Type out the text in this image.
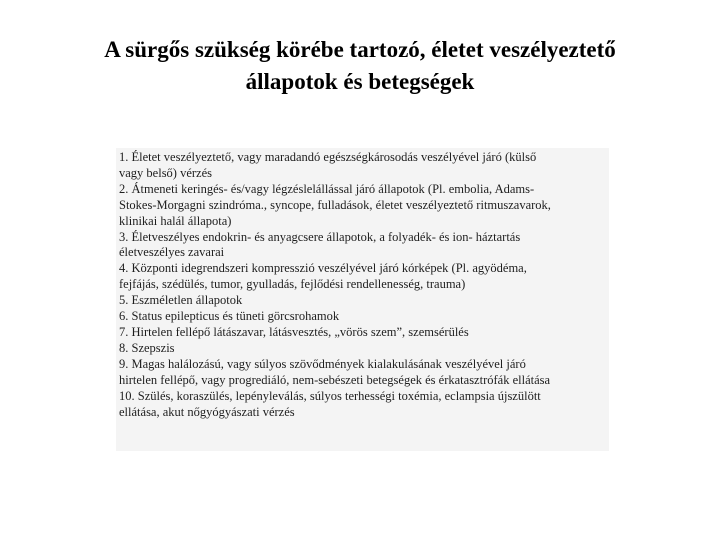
A sürgős szükség körébe tartozó, életet veszélyeztető
állapotok és betegségek
1. Életet veszélyeztető, vagy maradandó egészségkárosodás veszélyével járó (külső
vagy belső) vérzés
2. Átmeneti keringés- és/vagy légzéslelállással járó állapotok (Pl. embolia, Adams-
Stokes-Morgagni szindróma., syncope, fulladások, életet veszélyeztető ritmuszavarok,
klinikai halál állapota)
3. Életveszélyes endokrin- és anyagcsere állapotok, a folyadék- és ion- háztartás
életveszélyes zavarai
4. Központi idegrendszeri kompresszió veszélyével járó kórképek (Pl. agyödéma,
fejfájás, szédülés, tumor, gyulladás, fejlődési rendellenesség, trauma)
5. Eszméletlen állapotok
6. Status epilepticus és tüneti görcsrohamok
7. Hirtelen fellépő látászavar, látásvesztés, „vörös szem”, szemsérülés
8. Szepszis
9. Magas halálozású, vagy súlyos szövődmények kialakulásának veszélyével járó
hirtelen fellépő, vagy progrediáló, nem-sebészeti betegségek és érkatasztrófák ellátása
10. Szülés, koraszülés, lepényleválás, súlyos terhességi toxémia, eclampsia újszülött
ellátása, akut nőgyógyászati vérzés
